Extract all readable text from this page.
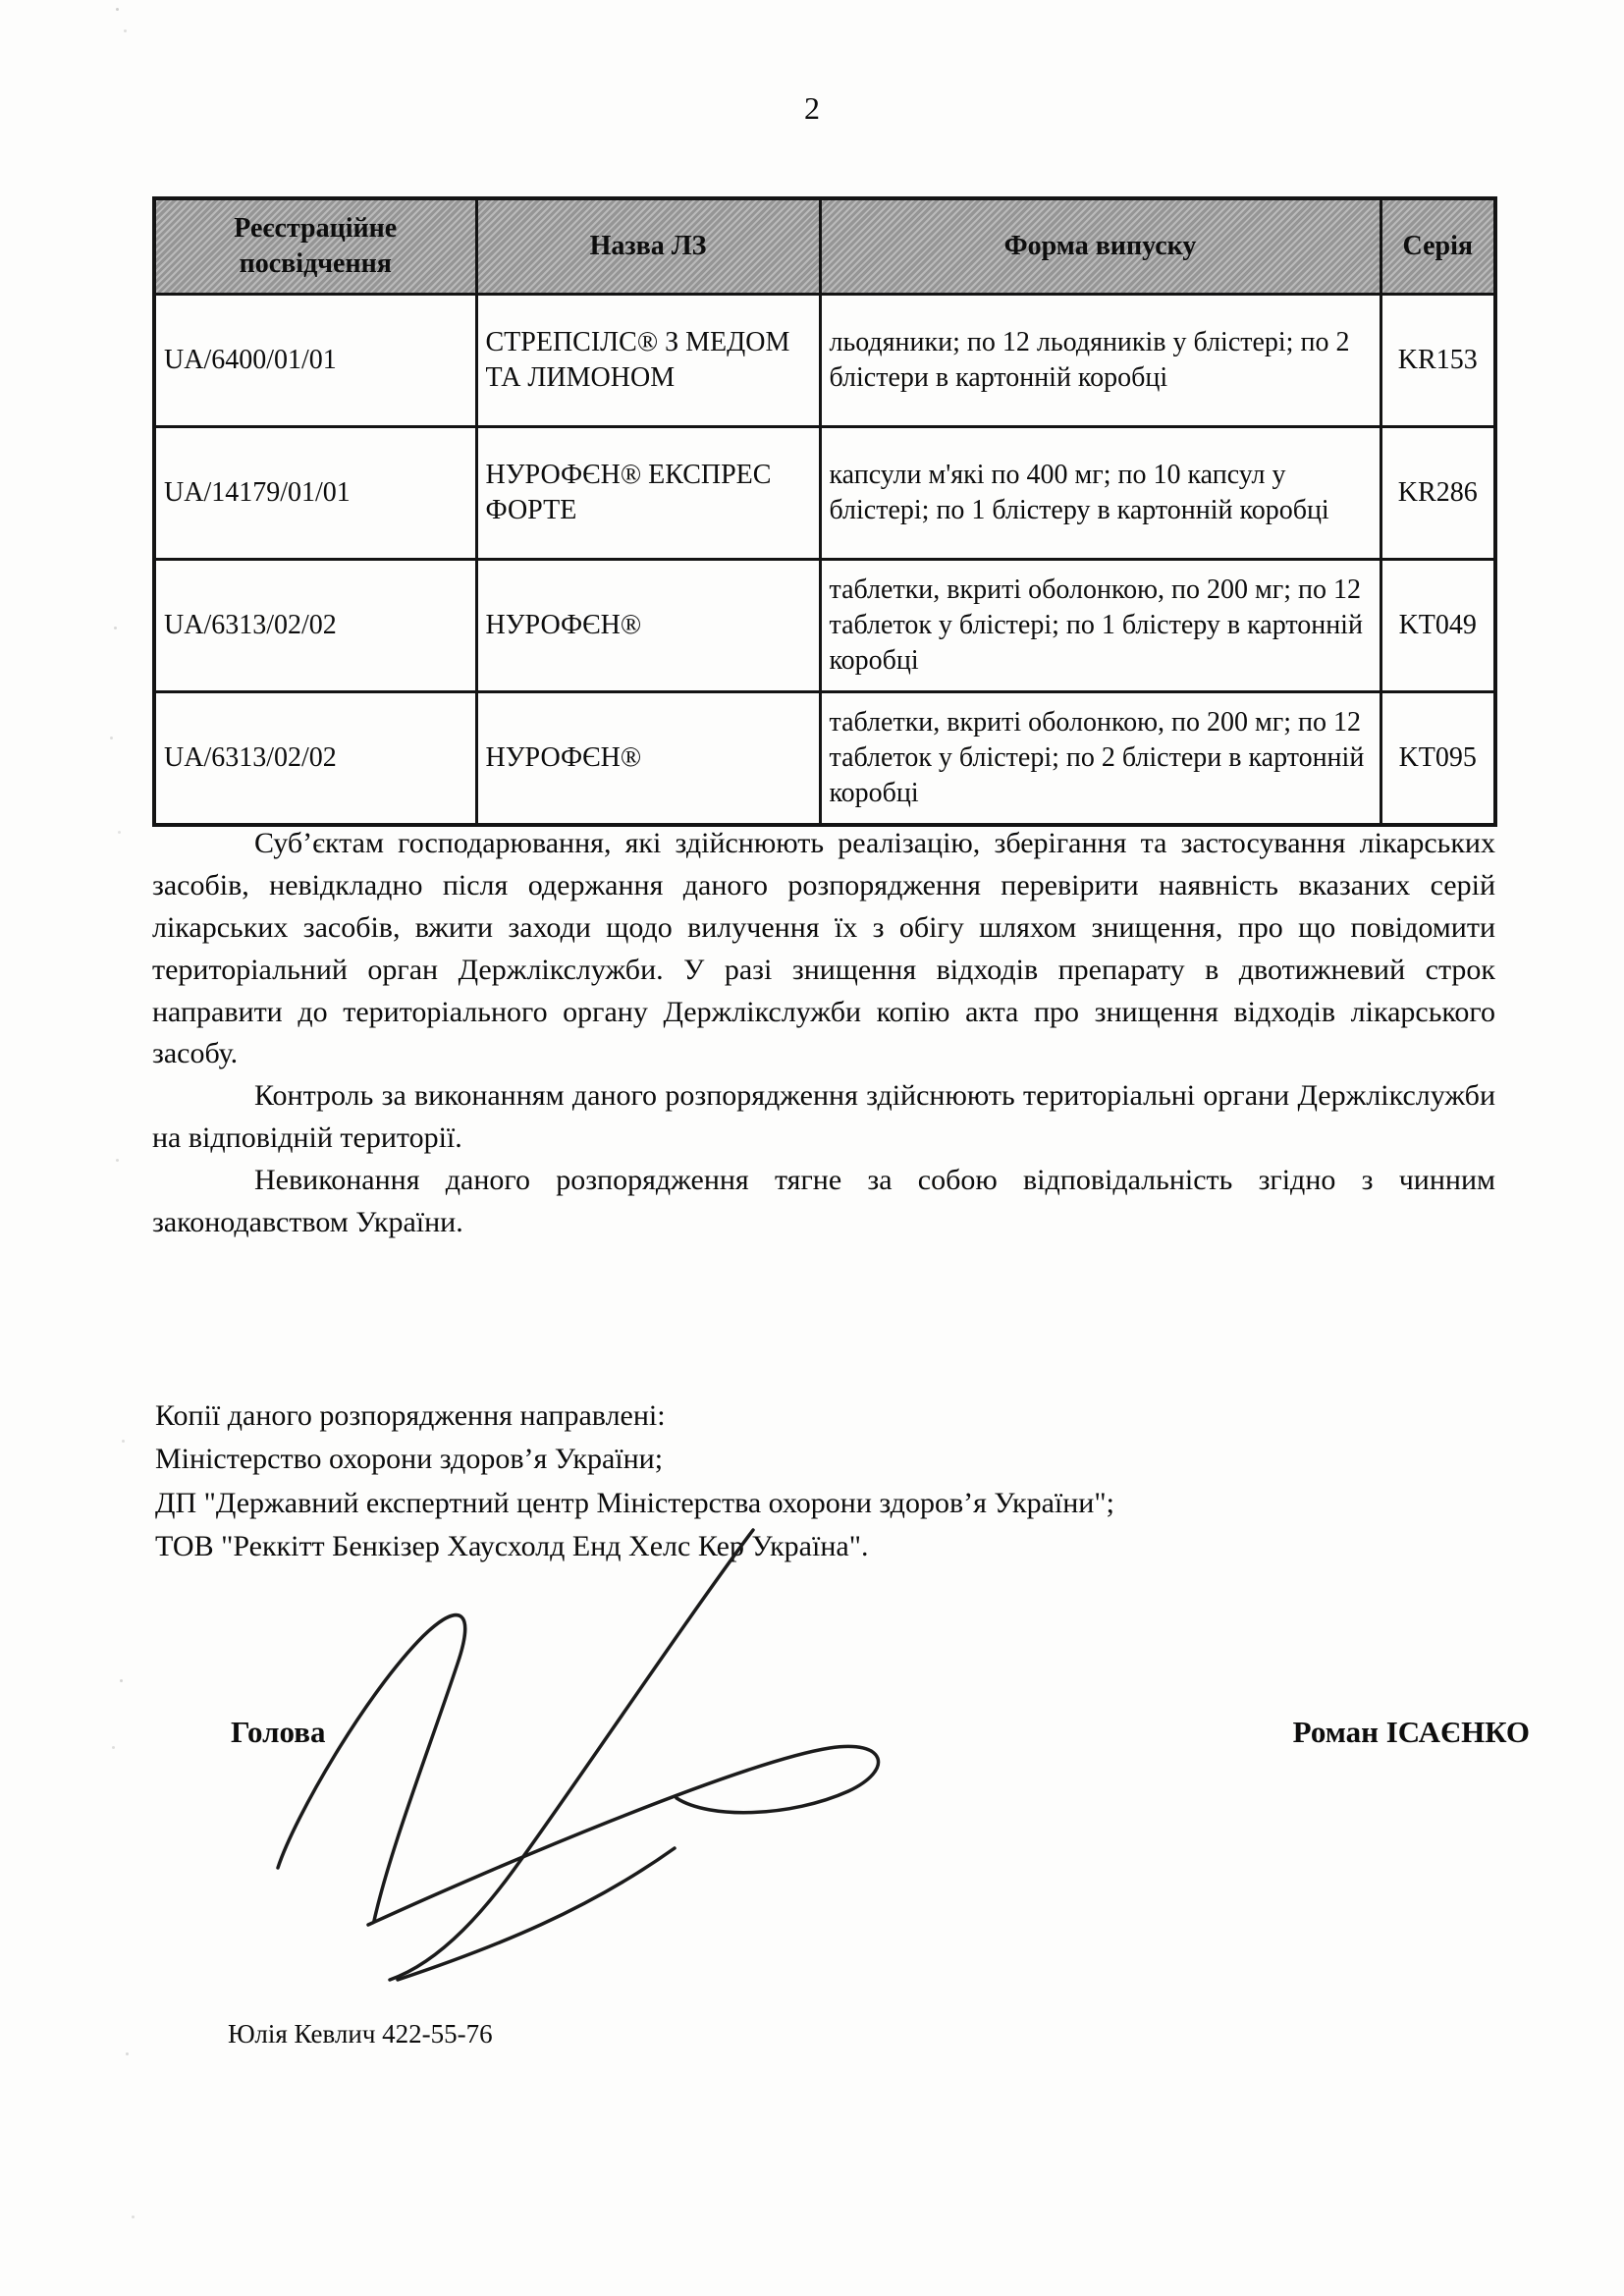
2
Реєстраційне посвідчення	Назва ЛЗ	Форма випуску	Серія
UA/6400/01/01	СТРЕПСІЛС® З МЕДОМ ТА ЛИМОНОМ	льодяники; по 12 льодяників у блістері; по 2 блістери в картонній коробці	KR153
UA/14179/01/01	НУРОФЄН® ЕКСПРЕС ФОРТЕ	капсули м'які по 400 мг; по 10 капсул у блістері; по 1 блістеру в картонній коробці	KR286
UA/6313/02/02	НУРОФЄН®	таблетки, вкриті оболонкою, по 200 мг; по 12 таблеток у блістері; по 1 блістеру в картонній коробці	KT049
UA/6313/02/02	НУРОФЄН®	таблетки, вкриті оболонкою, по 200 мг; по 12 таблеток у блістері; по 2 блістери в картонній коробці	KT095

Суб’єктам господарювання, які здійснюють реалізацію, зберігання та застосування лікарських засобів, невідкладно після одержання даного розпорядження перевірити наявність вказаних серій лікарських засобів, вжити заходи щодо вилучення їх з обігу шляхом знищення, про що повідомити територіальний орган Держлікслужби. У разі знищення відходів препарату в двотижневий строк направити до територіального органу Держлікслужби копію акта про знищення відходів лікарського засобу.

Контроль за виконанням даного розпорядження здійснюють територіальні органи Держлікслужби на відповідній території.

Невиконання даного розпорядження тягне за собою відповідальність згідно з чинним законодавством України.

Копії даного розпорядження направлені:
Міністерство охорони здоров’я України;
ДП "Державний експертний центр Міністерства охорони здоров’я України";
ТОВ "Реккітт Бенкізер Хаусхолд Енд Хелс Кер Україна".
Голова	Роман ІСАЄНКО
Юлія Кевлич 422-55-76
